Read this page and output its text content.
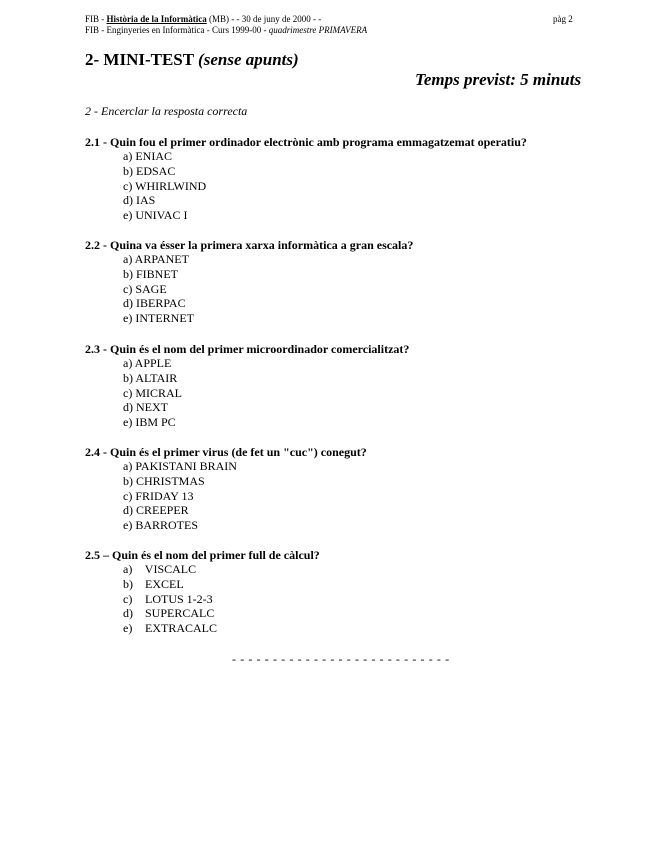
FIB - Història de la Informàtica (MB) - - 30 de juny de 2000 - -
FIB - Enginyeries en Informàtica - Curs 1999-00 - quadrimestre PRIMAVERA
pàg 2
2- MINI-TEST (sense apunts)
Temps previst: 5 minuts
2 - Encerclar la resposta correcta
2.1 - Quin fou el primer ordinador electrònic amb programa emmagatzemat operatiu?
a) ENIAC
b) EDSAC
c) WHIRLWIND
d) IAS
e) UNIVAC I
2.2 - Quina va ésser la primera xarxa informàtica a gran escala?
a) ARPANET
b) FIBNET
c) SAGE
d) IBERPAC
e) INTERNET
2.3 - Quin és el nom del primer microordinador comercialitzat?
a) APPLE
b) ALTAIR
c) MICRAL
d) NEXT
e) IBM PC
2.4 - Quin és el primer virus (de fet un "cuc") conegut?
a) PAKISTANI BRAIN
b) CHRISTMAS
c) FRIDAY 13
d) CREEPER
e) BARROTES
2.5 – Quin és el nom del primer full de càlcul?
a) VISCALC
b) EXCEL
c) LOTUS 1-2-3
d) SUPERCALC
e) EXTRACALC
- - - - - - - - - - - - - - - - - - - - - - - - - - -
